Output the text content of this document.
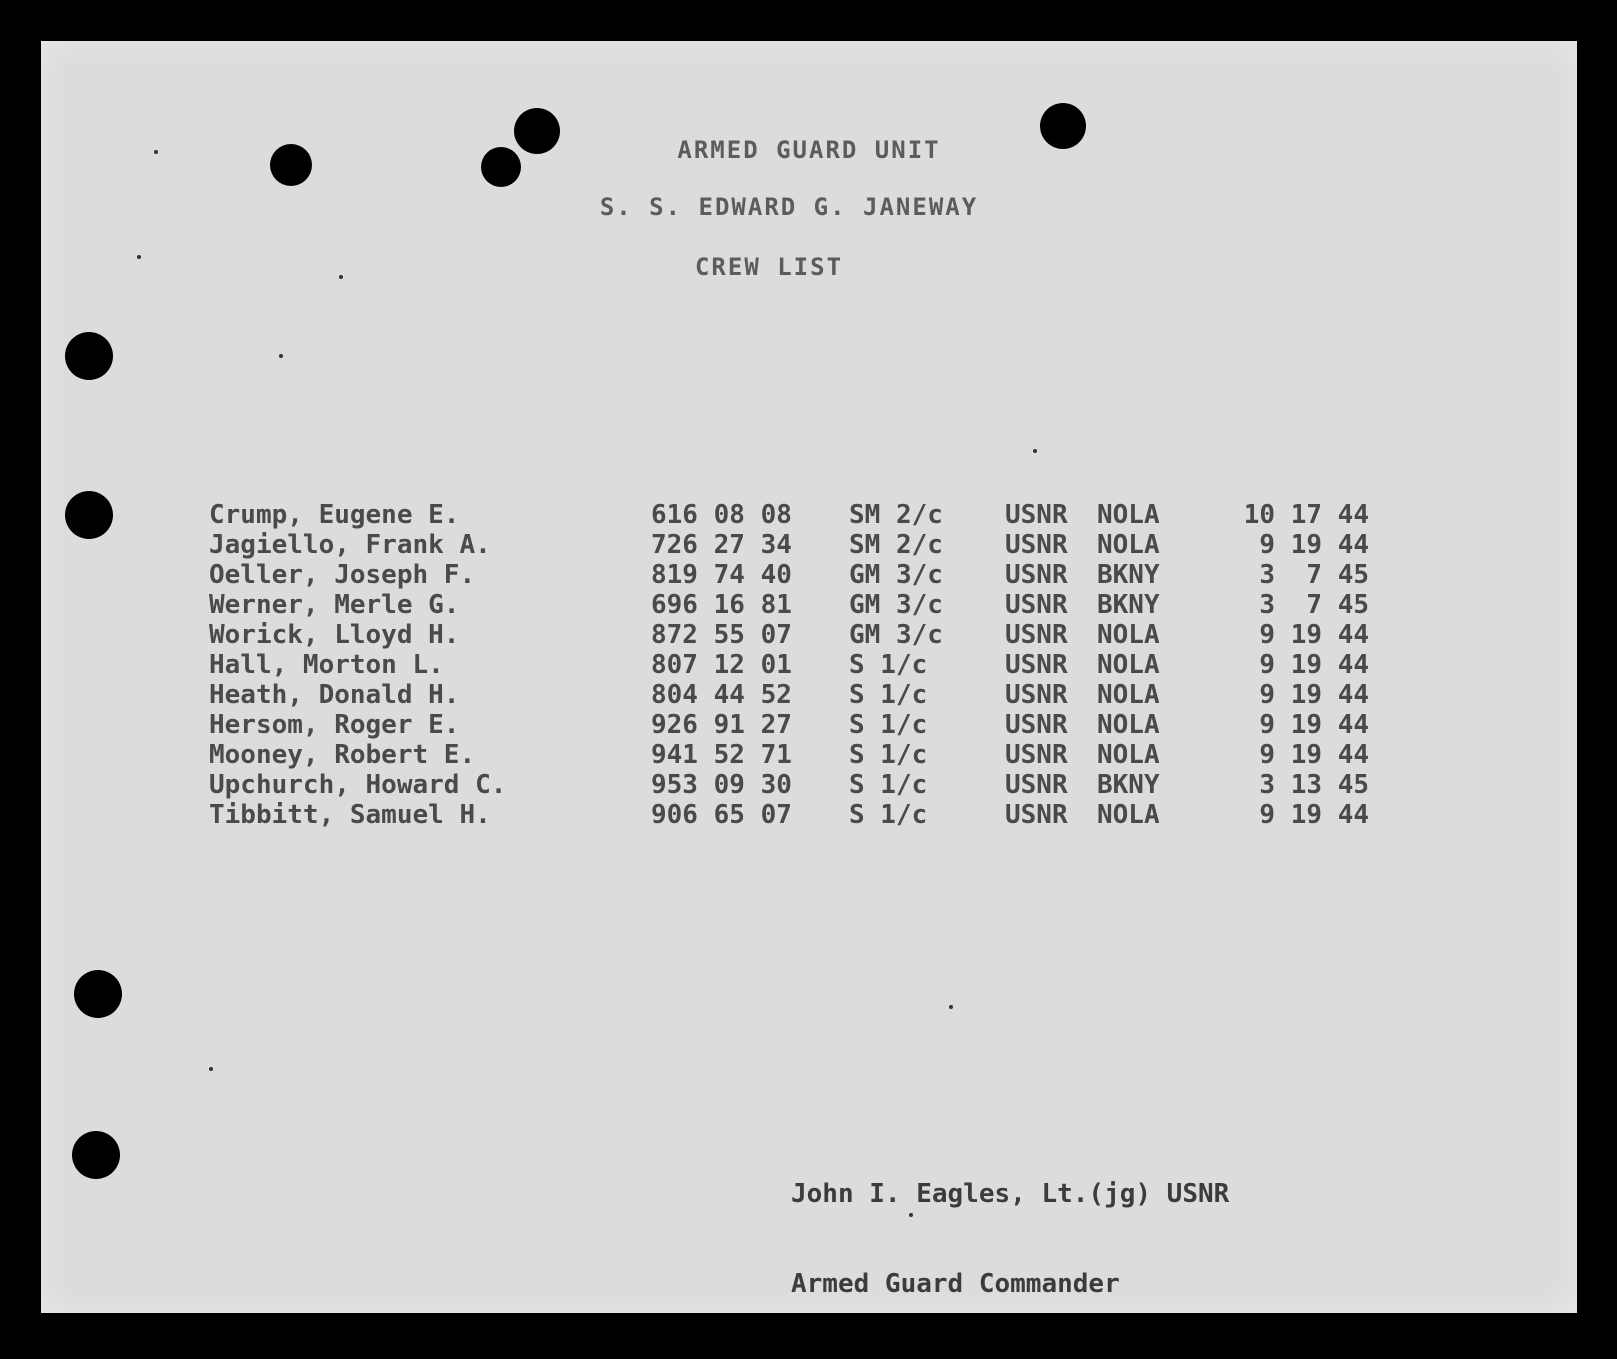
ARMED GUARD UNIT
S. S. EDWARD G. JANEWAY
CREW LIST
Crump, Eugene E.	616 08 08 SM 2/c USNR NOLA	10 17 44
Jagiello, Frank A.	726 27 34 SM 2/c USNR NOLA	9 19 44
Oeller, Joseph F.	819 74 40 GM 3/c USNR BKNY	3  7 45
Werner, Merle G.	696 16 81 GM 3/c USNR BKNY	3  7 45
Worick, Lloyd H.	872 55 07 GM 3/c USNR NOLA	9 19 44
Hall, Morton L.	807 12 01 S 1/c	USNR NOLA	9 19 44
Heath, Donald H.	804 44 52 S 1/c	USNR NOLA	9 19 44
Hersom, Roger E.	926 91 27 S 1/c	USNR NOLA	9 19 44
Mooney, Robert E.	941 52 71 S 1/c	USNR NOLA	9 19 44
Upchurch, Howard C.	953 09 30 S 1/c	USNR BKNY	3 13 45
Tibbitt, Samuel H.	906 65 07 S 1/c	USNR NOLA	9 19 44

John I. Eagles, Lt.(jg) USNR

Armed Guard Commander
